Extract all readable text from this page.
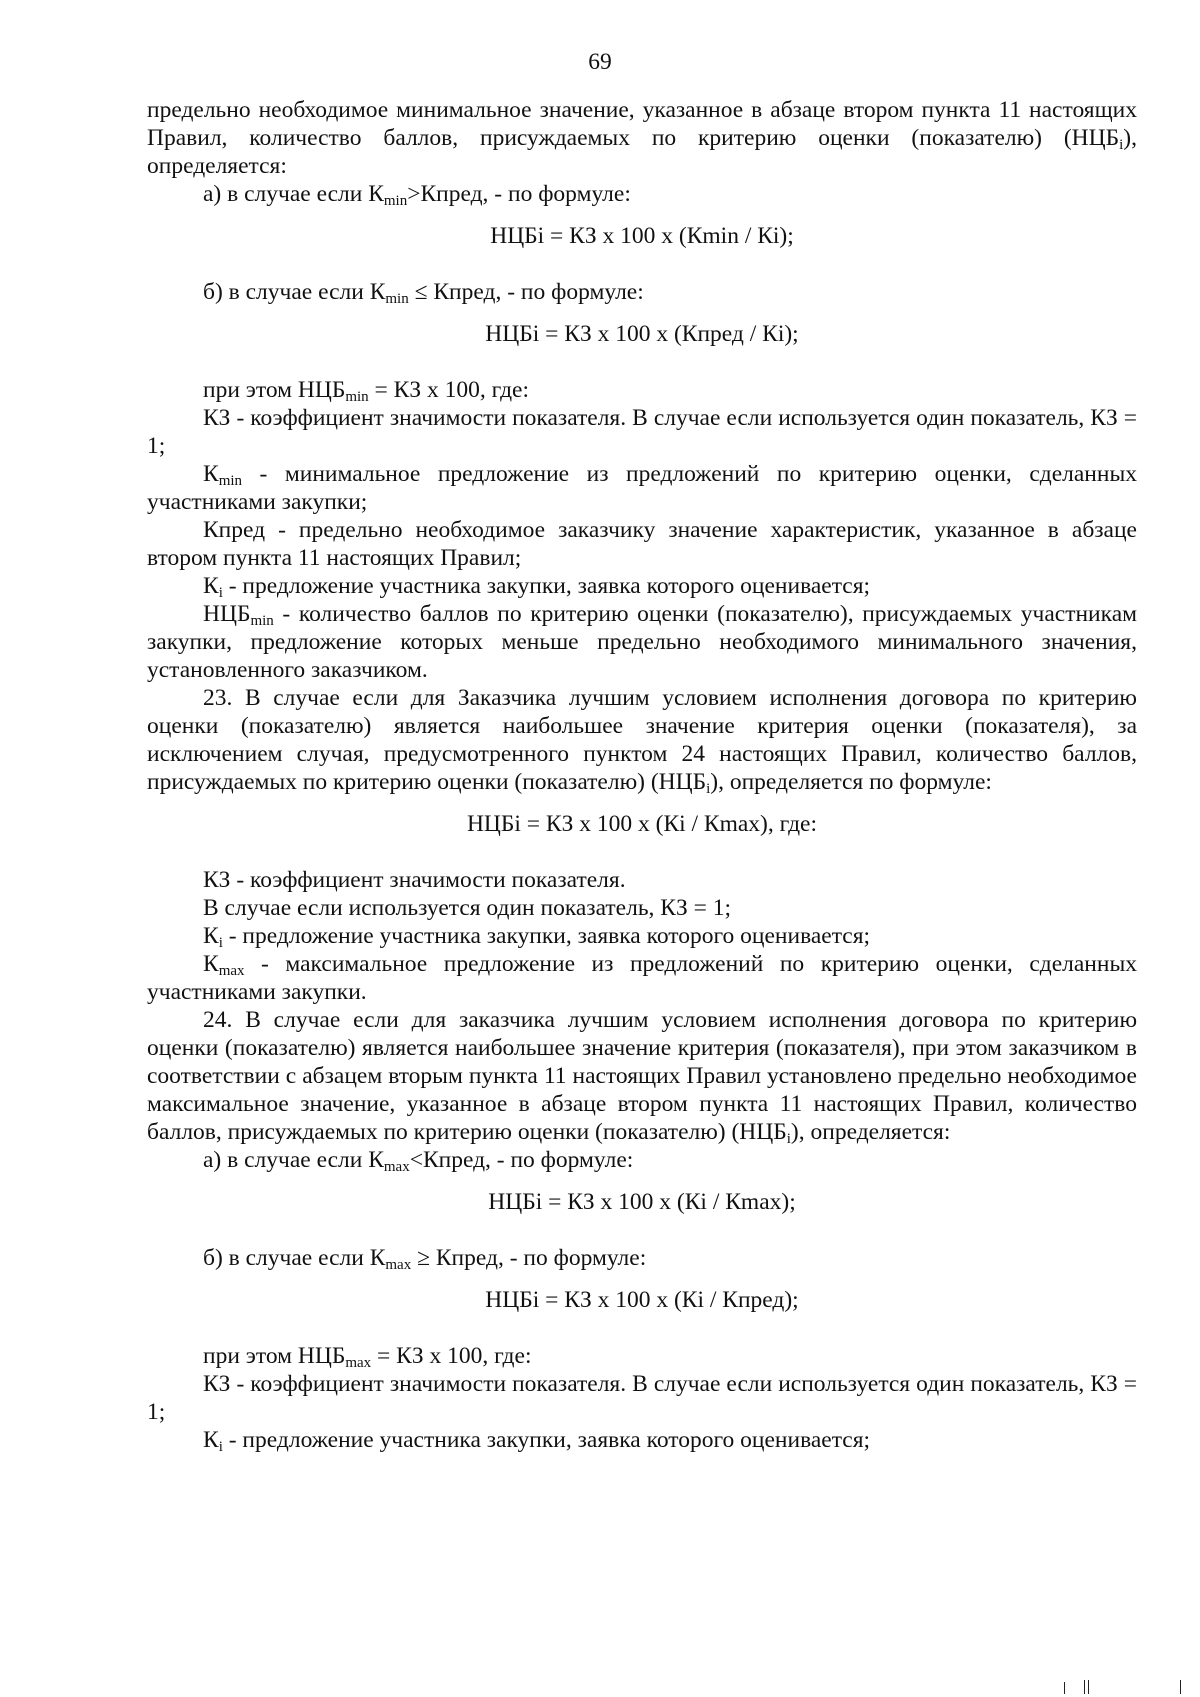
69

предельно необходимое минимальное значение, указанное в абзаце втором пункта 11 настоящих Правил, количество баллов, присуждаемых по критерию оценки (показателю) $(НЦБ_i)$, определяется:

а) в случае если $К_{min}>Кпред$, - по формуле:

НЦБi = КЗ x 100 x (Кmin / Кi);

б) в случае если $К_{min}$ ≤ Кпред, - по формуле:

НЦБi = КЗ x 100 x (Кпред / Кi);

при этом $НЦБ_{min}$ = КЗ x 100, где:

КЗ - коэффициент значимости показателя. В случае если используется один показатель, КЗ = 1;

$К_{min}$ - минимальное предложение из предложений по критерию оценки, сделанных участниками закупки;

Кпред - предельно необходимое заказчику значение характеристик, указанное в абзаце втором пункта 11 настоящих Правил;

$К_i$ - предложение участника закупки, заявка которого оценивается;

$НЦБ_{min}$ - количество баллов по критерию оценки (показателю), присуждаемых участникам закупки, предложение которых меньше предельно необходимого минимального значения, установленного заказчиком.

23. В случае если для Заказчика лучшим условием исполнения договора по критерию оценки (показателю) является наибольшее значение критерия оценки (показателя), за исключением случая, предусмотренного пунктом 24 настоящих Правил, количество баллов, присуждаемых по критерию оценки (показателю) $(НЦБ_i)$, определяется по формуле:

НЦБi = КЗ x 100 x (Кi / Кmax), где:

КЗ - коэффициент значимости показателя.

В случае если используется один показатель, КЗ = 1;

$К_i$ - предложение участника закупки, заявка которого оценивается;

$К_{max}$ - максимальное предложение из предложений по критерию оценки, сделанных участниками закупки.

24. В случае если для заказчика лучшим условием исполнения договора по критерию оценки (показателю) является наибольшее значение критерия (показателя), при этом заказчиком в соответствии с абзацем вторым пункта 11 настоящих Правил установлено предельно необходимое максимальное значение, указанное в абзаце втором пункта 11 настоящих Правил, количество баллов, присуждаемых по критерию оценки (показателю) $(НЦБ_i)$, определяется:

а) в случае если $К_{max}<Кпред$, - по формуле:

НЦБi = КЗ x 100 x (Кi / Кmax);

б) в случае если $К_{max}$ ≥ Кпред, - по формуле:

НЦБi = КЗ x 100 x (Кi / Кпред);

при этом $НЦБ_{max}$ = КЗ x 100, где:

КЗ - коэффициент значимости показателя. В случае если используется один показатель, КЗ = 1;

$К_i$ - предложение участника закупки, заявка которого оценивается;
